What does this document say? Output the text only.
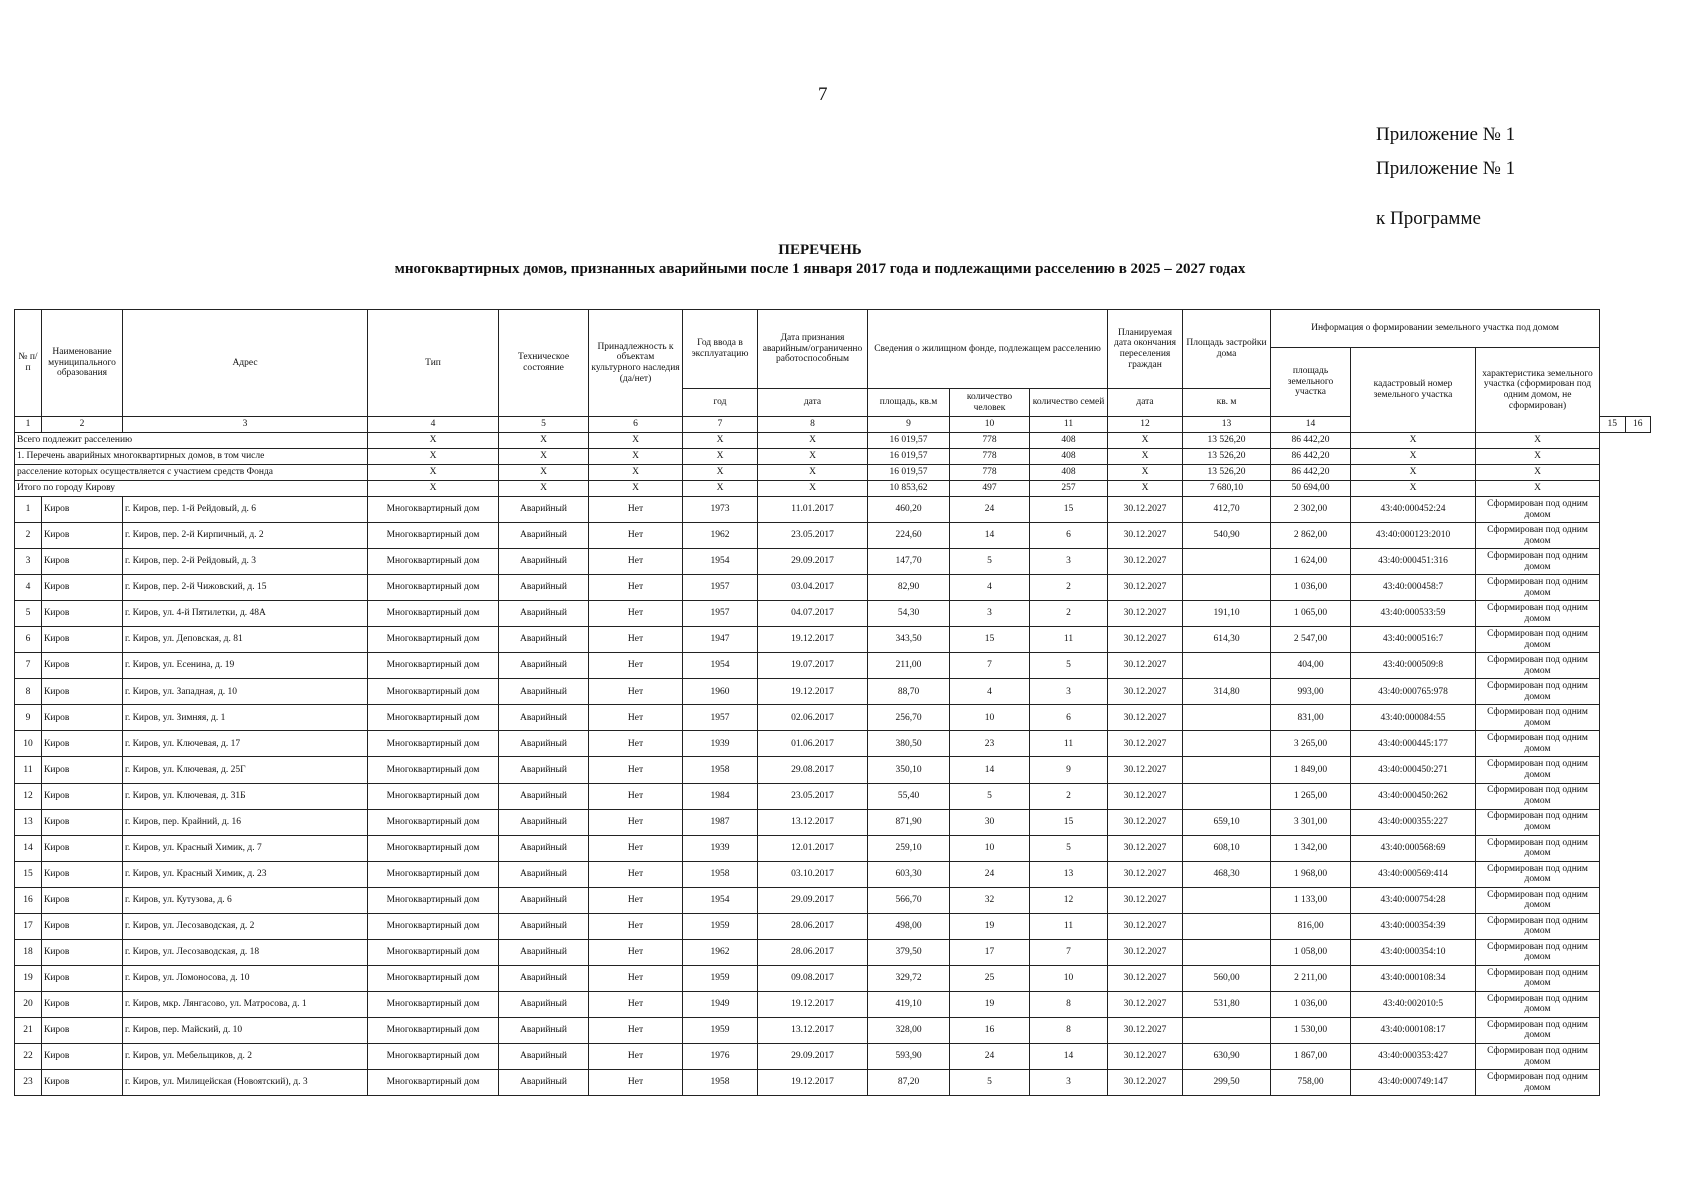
7
Приложение № 1
Приложение № 1
к Программе
ПЕРЕЧЕНЬ
многоквартирных домов, признанных аварийными после 1 января 2017 года и подлежащими расселению в 2025 – 2027 годах
№ п/п	Наименование муниципального образования	Адрес	Тип	Техническое состояние	Принадлежность к объектам культурного наследия (да/нет)	Год ввода в эксплуатацию	Дата признания аварийным/ограниченно работоспособным	Сведения о жилищном фонде, подлежащем расселению			Планируемая дата окончания переселения граждан	Площадь застройки дома	Информация о формировании земельного участка под домом				
													площадь земельного участка	кадастровый номер земельного участка	характеристика земельного участка (сформирован под одним домом, не сформирован)		
						год	дата	площадь, кв.м	количество человек	количество семей	дата	кв. м					
1	2	3	4	5	6	7	8	9	10	11	12	13	14			15	16
Всего подлежит расселению			X	X	X	X	X	16 019,57	778	408	X	13 526,20	86 442,20	X	X		
1. Перечень аварийных многоквартирных домов, в том числе			X	X	X	X	X	16 019,57	778	408	X	13 526,20	86 442,20	X	X		
расселение которых осуществляется с участием средств Фонда			X	X	X	X	X	16 019,57	778	408	X	13 526,20	86 442,20	X	X		
Итого по городу Кирову			X	X	X	X	X	10 853,62	497	257	X	7 680,10	50 694,00	X	X		
1	Киров	г. Киров, пер. 1-й Рейдовый, д. 6	Многоквартирный дом	Аварийный	Нет	1973	11.01.2017	460,20	24	15	30.12.2027	412,70	2 302,00	43:40:000452:24	Сформирован под одним домом		
2	Киров	г. Киров, пер. 2-й Кирпичный, д. 2	Многоквартирный дом	Аварийный	Нет	1962	23.05.2017	224,60	14	6	30.12.2027	540,90	2 862,00	43:40:000123:2010	Сформирован под одним домом		
3	Киров	г. Киров, пер. 2-й Рейдовый, д. 3	Многоквартирный дом	Аварийный	Нет	1954	29.09.2017	147,70	5	3	30.12.2027		1 624,00	43:40:000451:316	Сформирован под одним домом		
4	Киров	г. Киров, пер. 2-й Чижовский, д. 15	Многоквартирный дом	Аварийный	Нет	1957	03.04.2017	82,90	4	2	30.12.2027		1 036,00	43:40:000458:7	Сформирован под одним домом		
5	Киров	г. Киров, ул. 4-й Пятилетки, д. 48А	Многоквартирный дом	Аварийный	Нет	1957	04.07.2017	54,30	3	2	30.12.2027	191,10	1 065,00	43:40:000533:59	Сформирован под одним домом		
6	Киров	г. Киров, ул. Деповская, д. 81	Многоквартирный дом	Аварийный	Нет	1947	19.12.2017	343,50	15	11	30.12.2027	614,30	2 547,00	43:40:000516:7	Сформирован под одним домом		
7	Киров	г. Киров, ул. Есенина, д. 19	Многоквартирный дом	Аварийный	Нет	1954	19.07.2017	211,00	7	5	30.12.2027		404,00	43:40:000509:8	Сформирован под одним домом		
8	Киров	г. Киров, ул. Западная, д. 10	Многоквартирный дом	Аварийный	Нет	1960	19.12.2017	88,70	4	3	30.12.2027	314,80	993,00	43:40:000765:978	Сформирован под одним домом		
9	Киров	г. Киров, ул. Зимняя, д. 1	Многоквартирный дом	Аварийный	Нет	1957	02.06.2017	256,70	10	6	30.12.2027		831,00	43:40:000084:55	Сформирован под одним домом		
10	Киров	г. Киров, ул. Ключевая, д. 17	Многоквартирный дом	Аварийный	Нет	1939	01.06.2017	380,50	23	11	30.12.2027		3 265,00	43:40:000445:177	Сформирован под одним домом		
11	Киров	г. Киров, ул. Ключевая, д. 25Г	Многоквартирный дом	Аварийный	Нет	1958	29.08.2017	350,10	14	9	30.12.2027		1 849,00	43:40:000450:271	Сформирован под одним домом		
12	Киров	г. Киров, ул. Ключевая, д. 31Б	Многоквартирный дом	Аварийный	Нет	1984	23.05.2017	55,40	5	2	30.12.2027		1 265,00	43:40:000450:262	Сформирован под одним домом		
13	Киров	г. Киров, пер. Крайний, д. 16	Многоквартирный дом	Аварийный	Нет	1987	13.12.2017	871,90	30	15	30.12.2027	659,10	3 301,00	43:40:000355:227	Сформирован под одним домом		
14	Киров	г. Киров, ул. Красный Химик, д. 7	Многоквартирный дом	Аварийный	Нет	1939	12.01.2017	259,10	10	5	30.12.2027	608,10	1 342,00	43:40:000568:69	Сформирован под одним домом		
15	Киров	г. Киров, ул. Красный Химик, д. 23	Многоквартирный дом	Аварийный	Нет	1958	03.10.2017	603,30	24	13	30.12.2027	468,30	1 968,00	43:40:000569:414	Сформирован под одним домом		
16	Киров	г. Киров, ул. Кутузова, д. 6	Многоквартирный дом	Аварийный	Нет	1954	29.09.2017	566,70	32	12	30.12.2027		1 133,00	43:40:000754:28	Сформирован под одним домом		
17	Киров	г. Киров, ул. Лесозаводская, д. 2	Многоквартирный дом	Аварийный	Нет	1959	28.06.2017	498,00	19	11	30.12.2027		816,00	43:40:000354:39	Сформирован под одним домом		
18	Киров	г. Киров, ул. Лесозаводская, д. 18	Многоквартирный дом	Аварийный	Нет	1962	28.06.2017	379,50	17	7	30.12.2027		1 058,00	43:40:000354:10	Сформирован под одним домом		
19	Киров	г. Киров, ул. Ломоносова, д. 10	Многоквартирный дом	Аварийный	Нет	1959	09.08.2017	329,72	25	10	30.12.2027	560,00	2 211,00	43:40:000108:34	Сформирован под одним домом		
20	Киров	г. Киров, мкр. Лянгасово, ул. Матросова, д. 1	Многоквартирный дом	Аварийный	Нет	1949	19.12.2017	419,10	19	8	30.12.2027	531,80	1 036,00	43:40:002010:5	Сформирован под одним домом		
21	Киров	г. Киров, пер. Майский, д. 10	Многоквартирный дом	Аварийный	Нет	1959	13.12.2017	328,00	16	8	30.12.2027		1 530,00	43:40:000108:17	Сформирован под одним домом		
22	Киров	г. Киров, ул. Мебельщиков, д. 2	Многоквартирный дом	Аварийный	Нет	1976	29.09.2017	593,90	24	14	30.12.2027	630,90	1 867,00	43:40:000353:427	Сформирован под одним домом		
23	Киров	г. Киров, ул. Милицейская (Новоятский), д. 3	Многоквартирный дом	Аварийный	Нет	1958	19.12.2017	87,20	5	3	30.12.2027	299,50	758,00	43:40:000749:147	Сформирован под одним домом		
